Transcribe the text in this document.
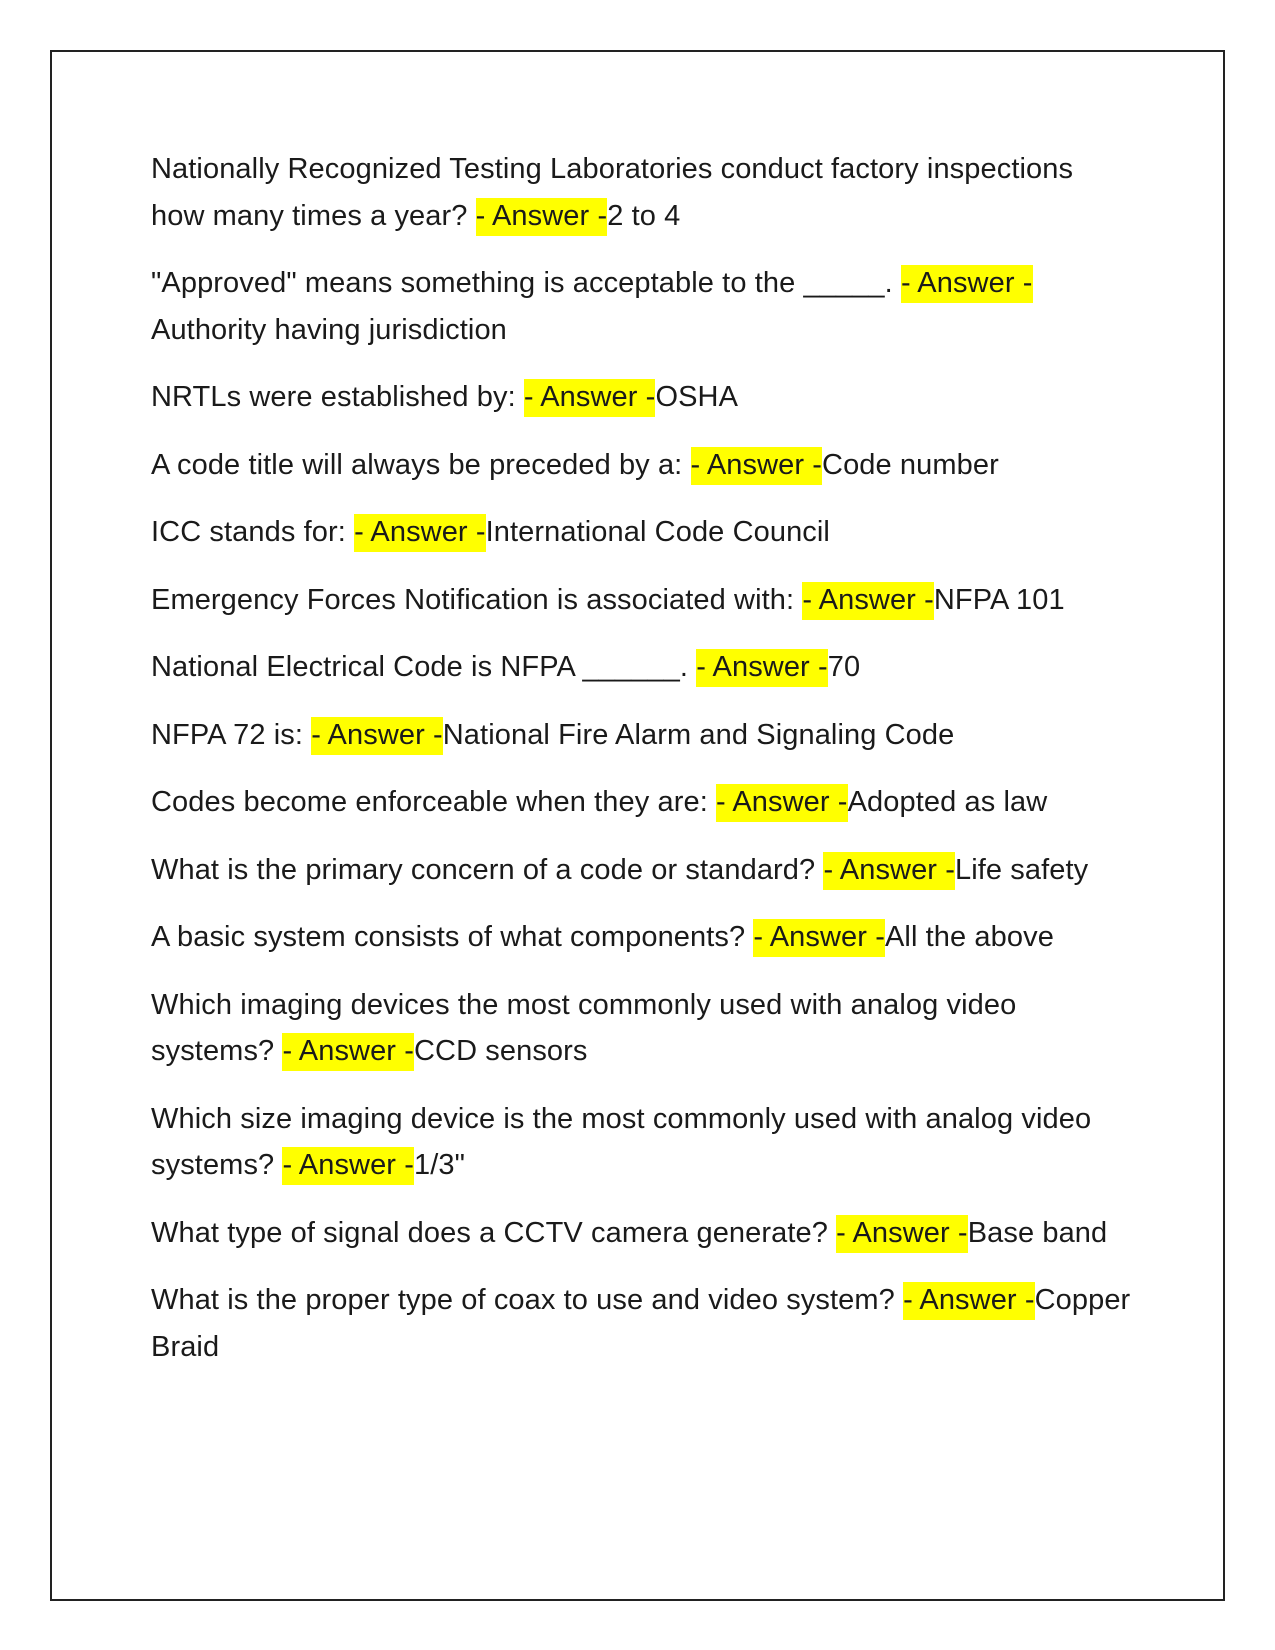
Nationally Recognized Testing Laboratories conduct factory inspections how many times a year? - Answer -2 to 4
"Approved" means something is acceptable to the _____. - Answer -Authority having jurisdiction
NRTLs were established by: - Answer -OSHA
A code title will always be preceded by a: - Answer -Code number
ICC stands for: - Answer -International Code Council
Emergency Forces Notification is associated with: - Answer -NFPA 101
National Electrical Code is NFPA ______. - Answer -70
NFPA 72 is: - Answer -National Fire Alarm and Signaling Code
Codes become enforceable when they are: - Answer -Adopted as law
What is the primary concern of a code or standard? - Answer -Life safety
A basic system consists of what components? - Answer -All the above
Which imaging devices the most commonly used with analog video systems? - Answer -CCD sensors
Which size imaging device is the most commonly used with analog video systems? - Answer -1/3"
What type of signal does a CCTV camera generate? - Answer -Base band
What is the proper type of coax to use and video system? - Answer -Copper Braid
